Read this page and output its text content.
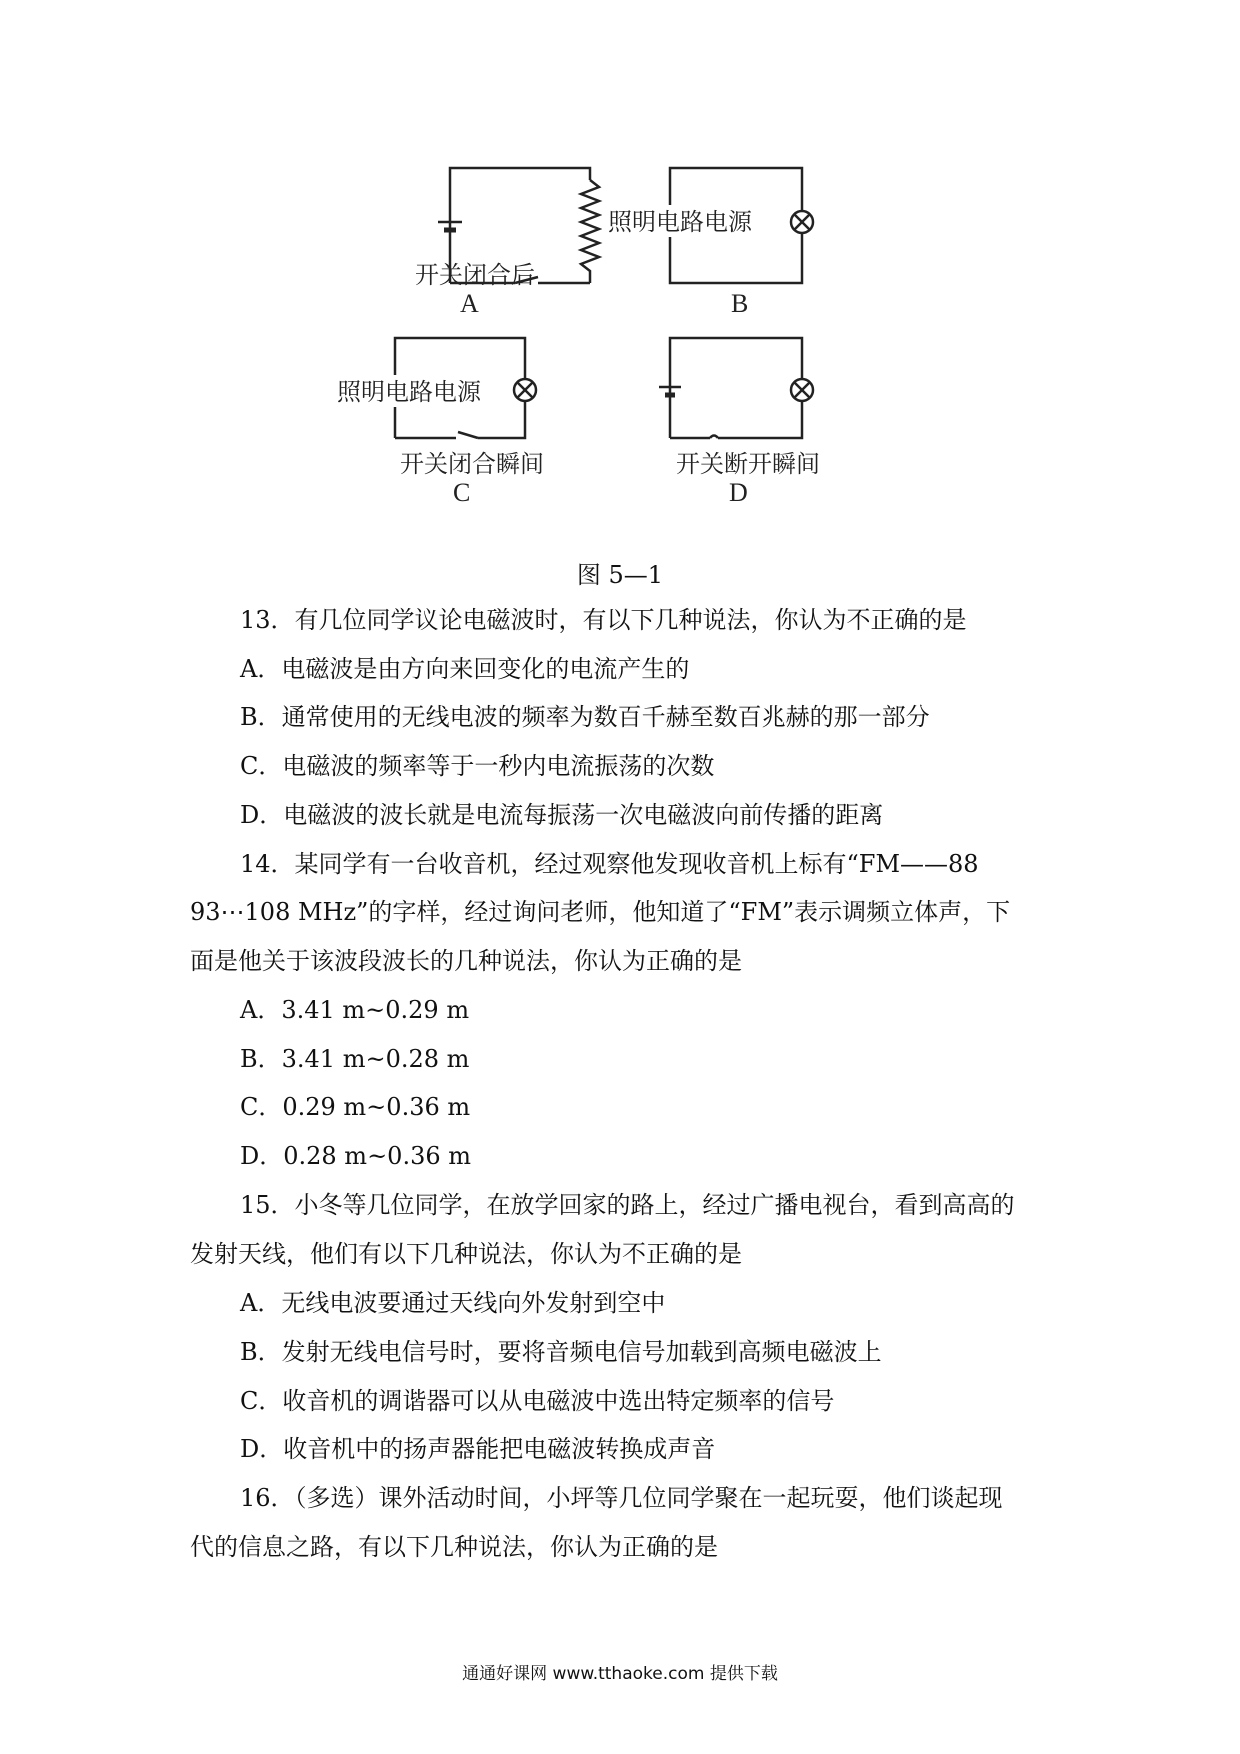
开关闭合后
A
照明电路电源
B
照明电路电源
开关闭合瞬间
C
开关断开瞬间
D
图 5—1
13．有几位同学议论电磁波时，有以下几种说法，你认为不正确的是
A．电磁波是由方向来回变化的电流产生的
B．通常使用的无线电波的频率为数百千赫至数百兆赫的那一部分
C．电磁波的频率等于一秒内电流振荡的次数
D．电磁波的波长就是电流每振荡一次电磁波向前传播的距离
14．某同学有一台收音机，经过观察他发现收音机上标有“FM——88
93⋯108 MHz”的字样，经过询问老师，他知道了“FM”表示调频立体声，下
面是他关于该波段波长的几种说法，你认为正确的是
A．3.41 m~0.29 m
B．3.41 m~0.28 m
C．0.29 m~0.36 m
D．0.28 m~0.36 m
15．小冬等几位同学，在放学回家的路上，经过广播电视台，看到高高的
发射天线，他们有以下几种说法，你认为不正确的是
A．无线电波要通过天线向外发射到空中
B．发射无线电信号时，要将音频电信号加载到高频电磁波上
C．收音机的调谐器可以从电磁波中选出特定频率的信号
D．收音机中的扬声器能把电磁波转换成声音
16．（多选）课外活动时间，小坪等几位同学聚在一起玩耍，他们谈起现
代的信息之路，有以下几种说法，你认为正确的是
通通好课网 www.tthaoke.com 提供下载
